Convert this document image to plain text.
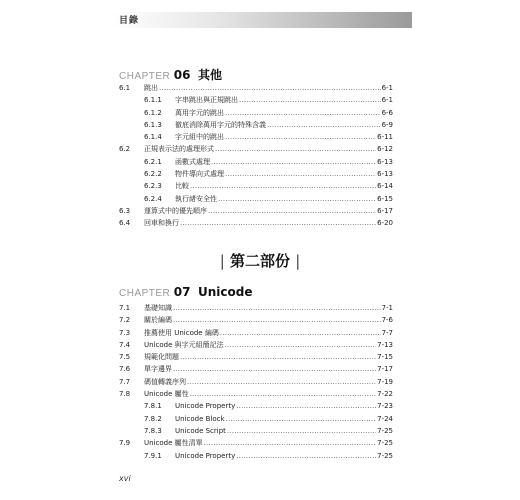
目錄
CHAPTER 06 其他
6.1	跳出 .....	6-1
6.1.1	字串跳出與正規跳出 .....	6-1
6.1.2	萬用字元的跳出 .....	6-6
6.1.3	徹底消除萬用字元的特殊含義 .....	6-9
6.1.4	字元組中的跳出 .....	6-11
6.2	正規表示法的處理形式 .....	6-12
6.2.1	函數式處理 .....	6-13
6.2.2	物件導向式處理 .....	6-13
6.2.3	比較 .....	6-14
6.2.4	執行緒安全性 .....	6-15
6.3	運算式中的優先順序 .....	6-17
6.4	回車和換行 .....	6-20
| 第二部份 |
CHAPTER 07 Unicode
7.1	基礎知識 .....	7-1
7.2	關於編碼 .....	7-6
7.3	推薦使用 Unicode 編碼 .....	7-7
7.4	Unicode 與字元組簡記法 .....	7-13
7.5	規範化問題 .....	7-15
7.6	單字邊界 .....	7-17
7.7	碼值轉義序列 .....	7-19
7.8	Unicode 屬性 .....	7-22
7.8.1	Unicode Property .....	7-23
7.8.2	Unicode Block .....	7-24
7.8.3	Unicode Script .....	7-25
7.9	Unicode 屬性清單 .....	7-25
7.9.1	Unicode Property .....	7-25
xvi
